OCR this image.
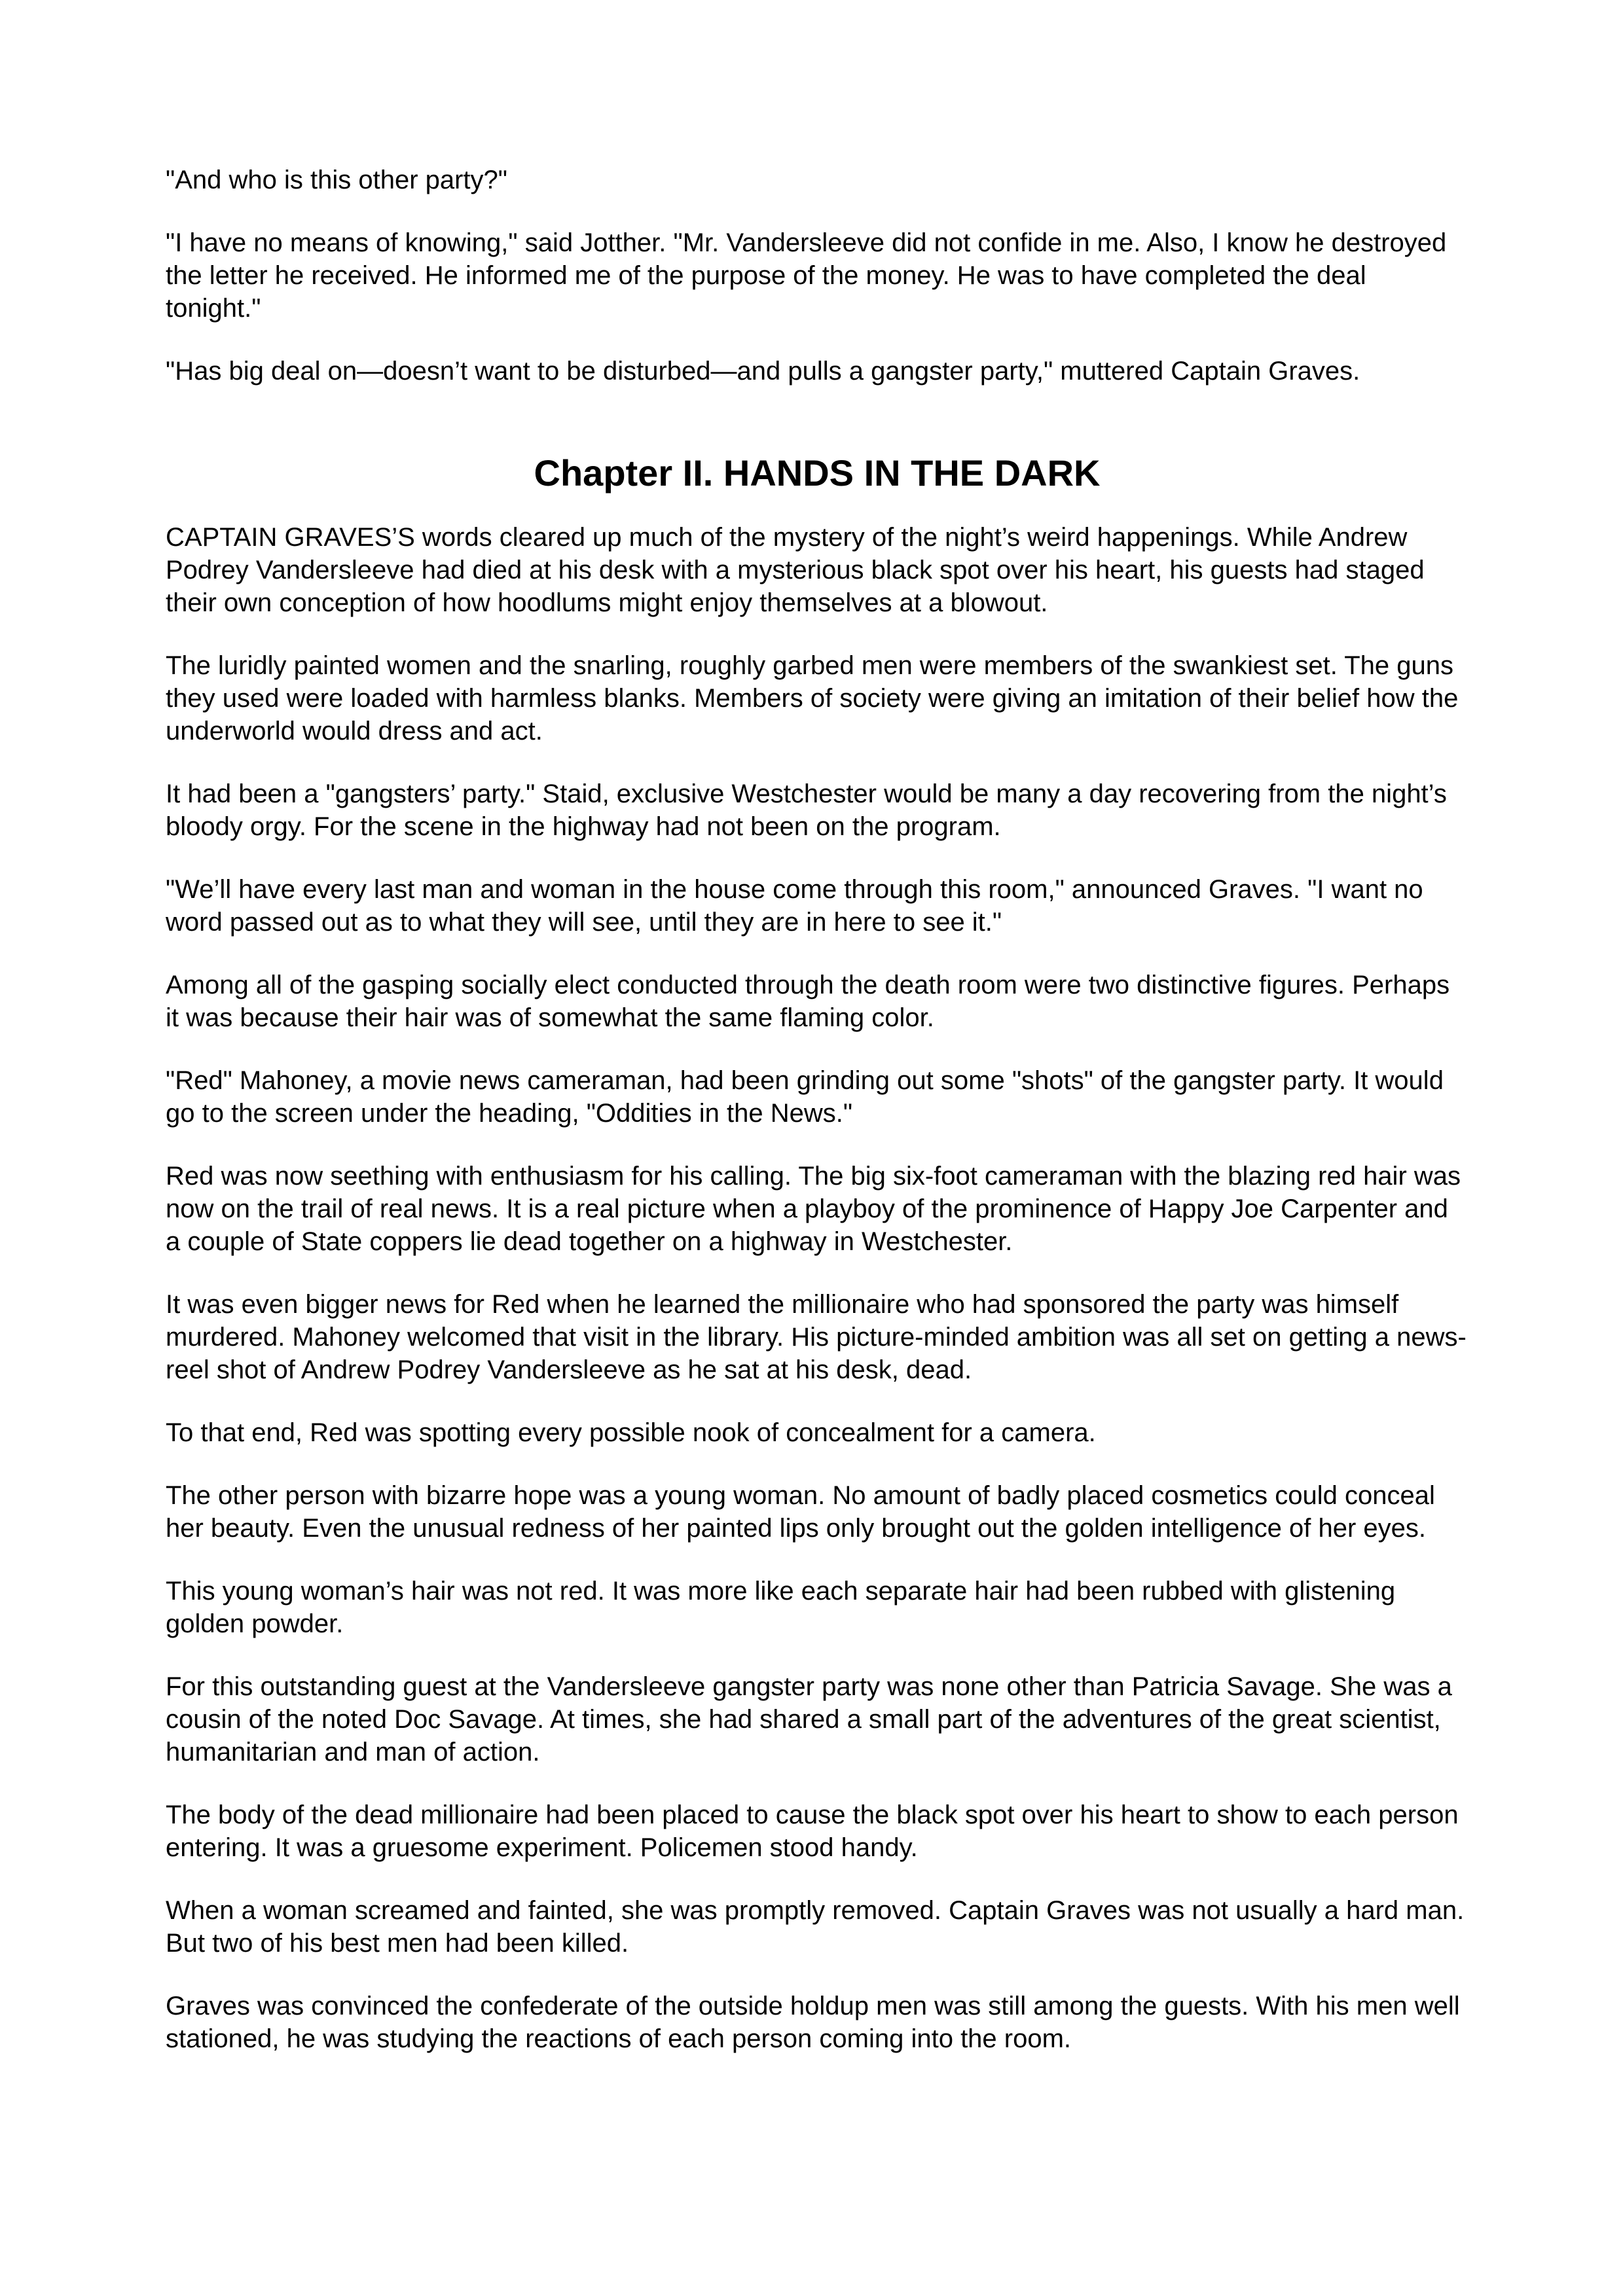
"And who is this other party?"

"I have no means of knowing," said Jotther. "Mr. Vandersleeve did not confide in me. Also, I know he destroyed the letter he received. He informed me of the purpose of the money. He was to have completed the deal tonight."

"Has big deal on—doesn’t want to be disturbed—and pulls a gangster party," muttered Captain Graves.

Chapter II. HANDS IN THE DARK

CAPTAIN GRAVES’S words cleared up much of the mystery of the night’s weird happenings. While Andrew Podrey Vandersleeve had died at his desk with a mysterious black spot over his heart, his guests had staged their own conception of how hoodlums might enjoy themselves at a blowout.

The luridly painted women and the snarling, roughly garbed men were members of the swankiest set. The guns they used were loaded with harmless blanks. Members of society were giving an imitation of their belief how the underworld would dress and act.

It had been a "gangsters’ party." Staid, exclusive Westchester would be many a day recovering from the night’s bloody orgy. For the scene in the highway had not been on the program.

"We’ll have every last man and woman in the house come through this room," announced Graves. "I want no word passed out as to what they will see, until they are in here to see it."

Among all of the gasping socially elect conducted through the death room were two distinctive figures. Perhaps it was because their hair was of somewhat the same flaming color.

"Red" Mahoney, a movie news cameraman, had been grinding out some "shots" of the gangster party. It would go to the screen under the heading, "Oddities in the News."

Red was now seething with enthusiasm for his calling. The big six-foot cameraman with the blazing red hair was now on the trail of real news. It is a real picture when a playboy of the prominence of Happy Joe Carpenter and a couple of State coppers lie dead together on a highway in Westchester.

It was even bigger news for Red when he learned the millionaire who had sponsored the party was himself murdered. Mahoney welcomed that visit in the library. His picture-minded ambition was all set on getting a news-reel shot of Andrew Podrey Vandersleeve as he sat at his desk, dead.

To that end, Red was spotting every possible nook of concealment for a camera.

The other person with bizarre hope was a young woman. No amount of badly placed cosmetics could conceal her beauty. Even the unusual redness of her painted lips only brought out the golden intelligence of her eyes.

This young woman’s hair was not red. It was more like each separate hair had been rubbed with glistening golden powder.

For this outstanding guest at the Vandersleeve gangster party was none other than Patricia Savage. She was a cousin of the noted Doc Savage. At times, she had shared a small part of the adventures of the great scientist, humanitarian and man of action.

The body of the dead millionaire had been placed to cause the black spot over his heart to show to each person entering. It was a gruesome experiment. Policemen stood handy.

When a woman screamed and fainted, she was promptly removed. Captain Graves was not usually a hard man. But two of his best men had been killed.

Graves was convinced the confederate of the outside holdup men was still among the guests. With his men well stationed, he was studying the reactions of each person coming into the room.
